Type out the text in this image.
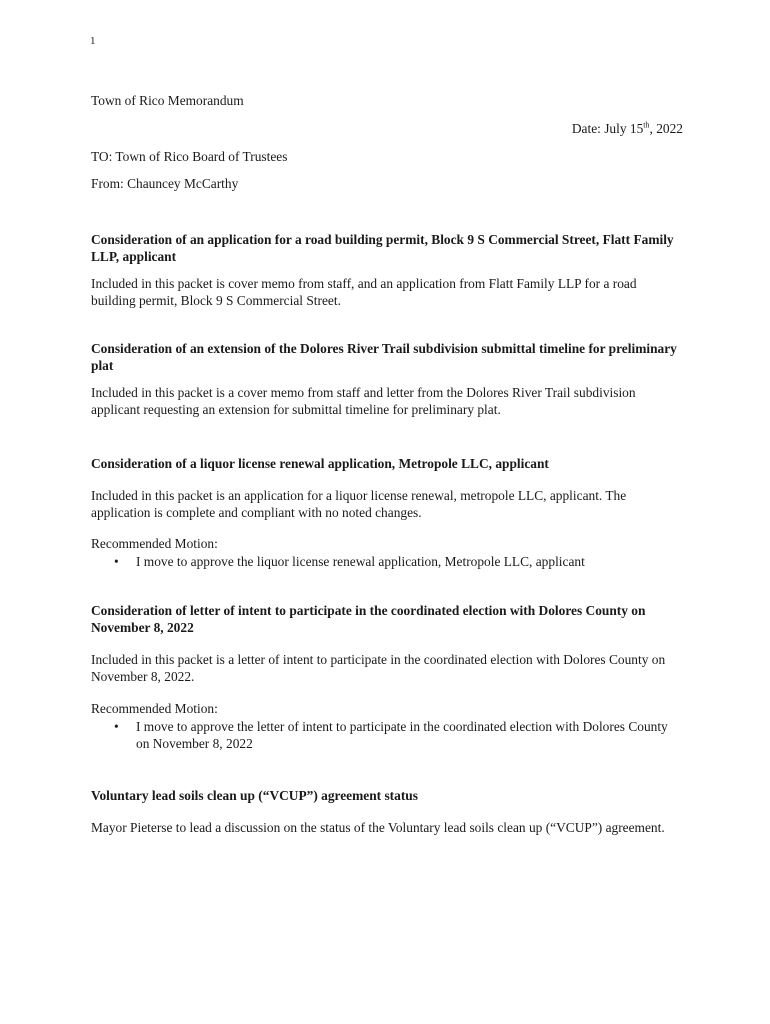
1
Town of Rico Memorandum
Date: July 15th, 2022
TO: Town of Rico Board of Trustees
From: Chauncey McCarthy

Consideration of an application for a road building permit, Block 9 S Commercial Street, Flatt Family LLP, applicant

Included in this packet is cover memo from staff, and an application from Flatt Family LLP for a road building permit, Block 9 S Commercial Street.

Consideration of an extension of the Dolores River Trail subdivision submittal timeline for preliminary plat

Included in this packet is a cover memo from staff and letter from the Dolores River Trail subdivision applicant requesting an extension for submittal timeline for preliminary plat.

Consideration of a liquor license renewal application, Metropole LLC, applicant

Included in this packet is an application for a liquor license renewal, metropole LLC, applicant. The application is complete and compliant with no noted changes.

Recommended Motion:
• I move to approve the liquor license renewal application, Metropole LLC, applicant

Consideration of letter of intent to participate in the coordinated election with Dolores County on November 8, 2022

Included in this packet is a letter of intent to participate in the coordinated election with Dolores County on November 8, 2022.

Recommended Motion:
• I move to approve the letter of intent to participate in the coordinated election with Dolores County on November 8, 2022

Voluntary lead soils clean up (“VCUP”) agreement status

Mayor Pieterse to lead a discussion on the status of the Voluntary lead soils clean up (“VCUP”) agreement.
